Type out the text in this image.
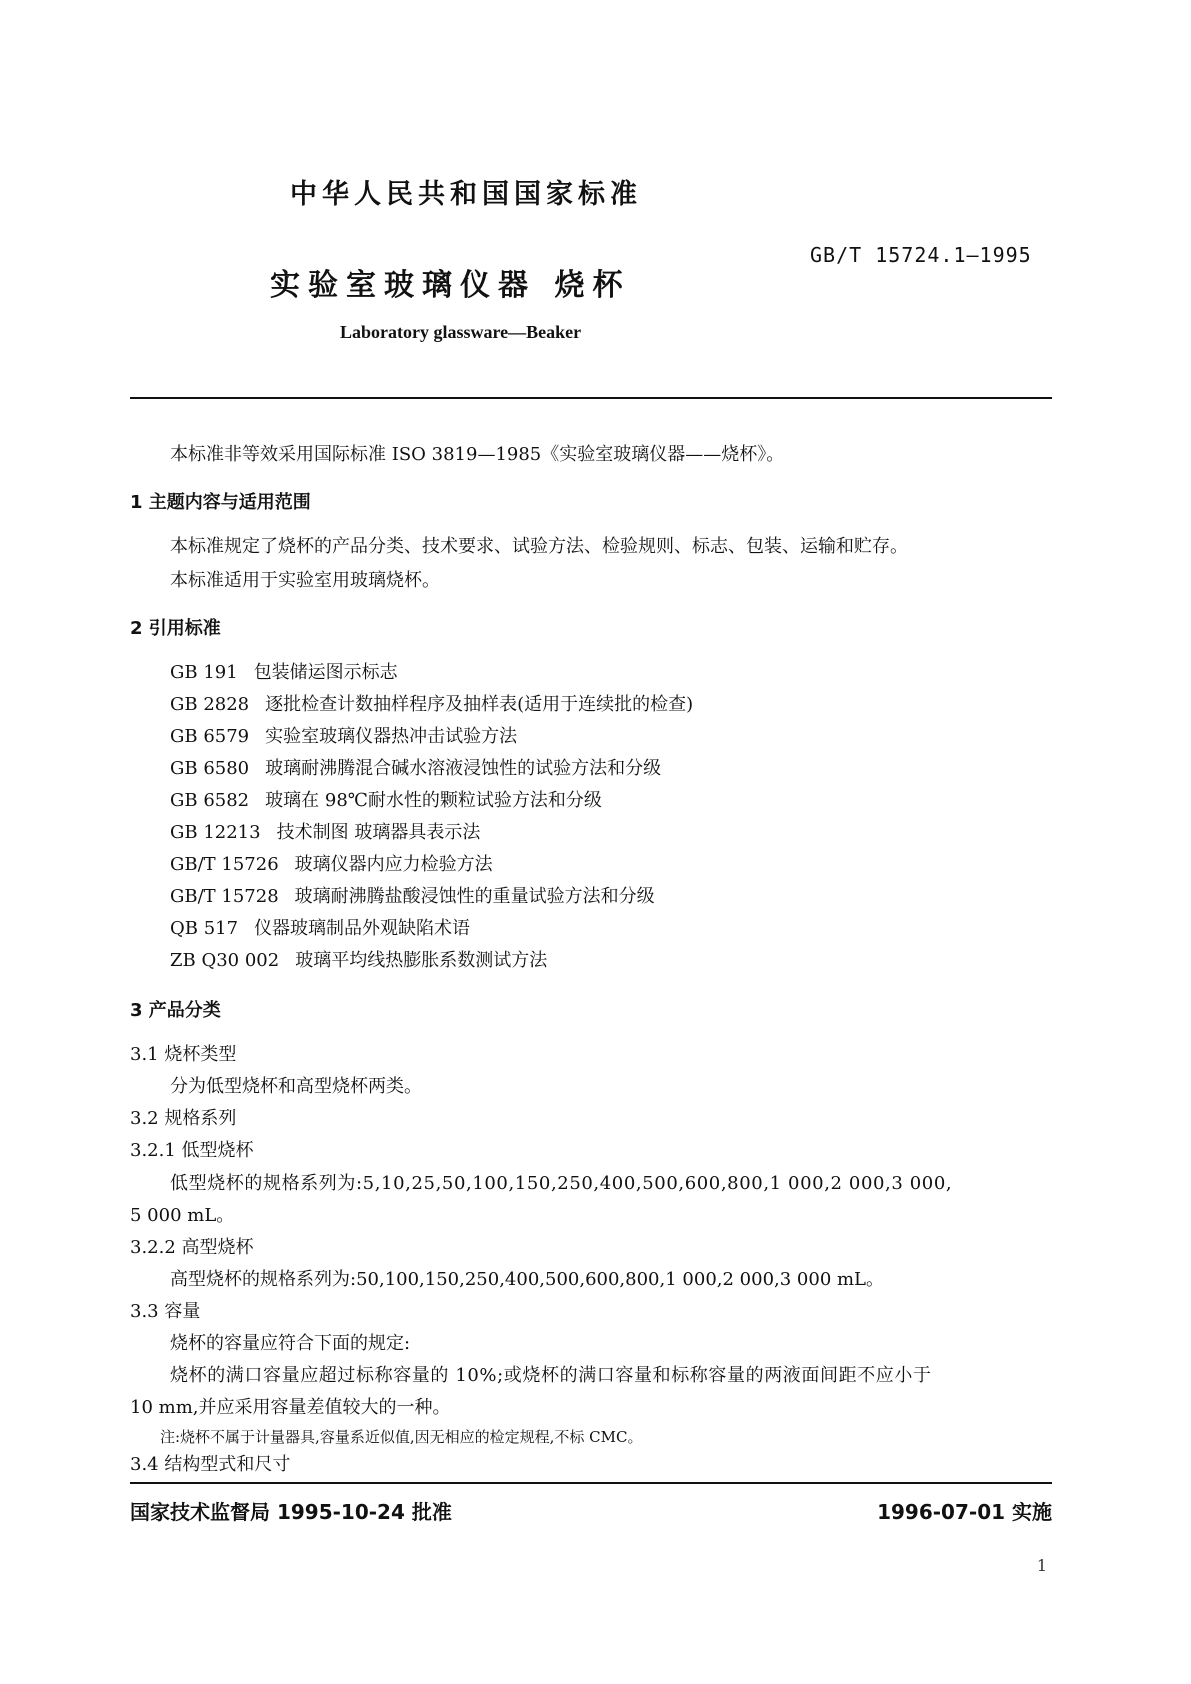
中华人民共和国国家标准
GB/T 15724.1—1995
实验室玻璃仪器 烧杯
Laboratory glassware—Beaker
本标准非等效采用国际标准 ISO 3819—1985《实验室玻璃仪器——烧杯》。
1 主题内容与适用范围
本标准规定了烧杯的产品分类、技术要求、试验方法、检验规则、标志、包装、运输和贮存。
本标准适用于实验室用玻璃烧杯。
2 引用标准
GB 191 包装储运图示标志
GB 2828 逐批检查计数抽样程序及抽样表(适用于连续批的检查)
GB 6579 实验室玻璃仪器热冲击试验方法
GB 6580 玻璃耐沸腾混合碱水溶液浸蚀性的试验方法和分级
GB 6582 玻璃在 98℃耐水性的颗粒试验方法和分级
GB 12213 技术制图 玻璃器具表示法
GB/T 15726 玻璃仪器内应力检验方法
GB/T 15728 玻璃耐沸腾盐酸浸蚀性的重量试验方法和分级
QB 517 仪器玻璃制品外观缺陷术语
ZB Q30 002 玻璃平均线热膨胀系数测试方法
3 产品分类
3.1 烧杯类型
分为低型烧杯和高型烧杯两类。
3.2 规格系列
3.2.1 低型烧杯
低型烧杯的规格系列为:5,10,25,50,100,150,250,400,500,600,800,1 000,2 000,3 000,
5 000 mL。
3.2.2 高型烧杯
高型烧杯的规格系列为:50,100,150,250,400,500,600,800,1 000,2 000,3 000 mL。
3.3 容量
烧杯的容量应符合下面的规定:
烧杯的满口容量应超过标称容量的 10%;或烧杯的满口容量和标称容量的两液面间距不应小于
10 mm,并应采用容量差值较大的一种。
注:烧杯不属于计量器具,容量系近似值,因无相应的检定规程,不标 CMC。
3.4 结构型式和尺寸
国家技术监督局 1995-10-24 批准	1996-07-01 实施
1
